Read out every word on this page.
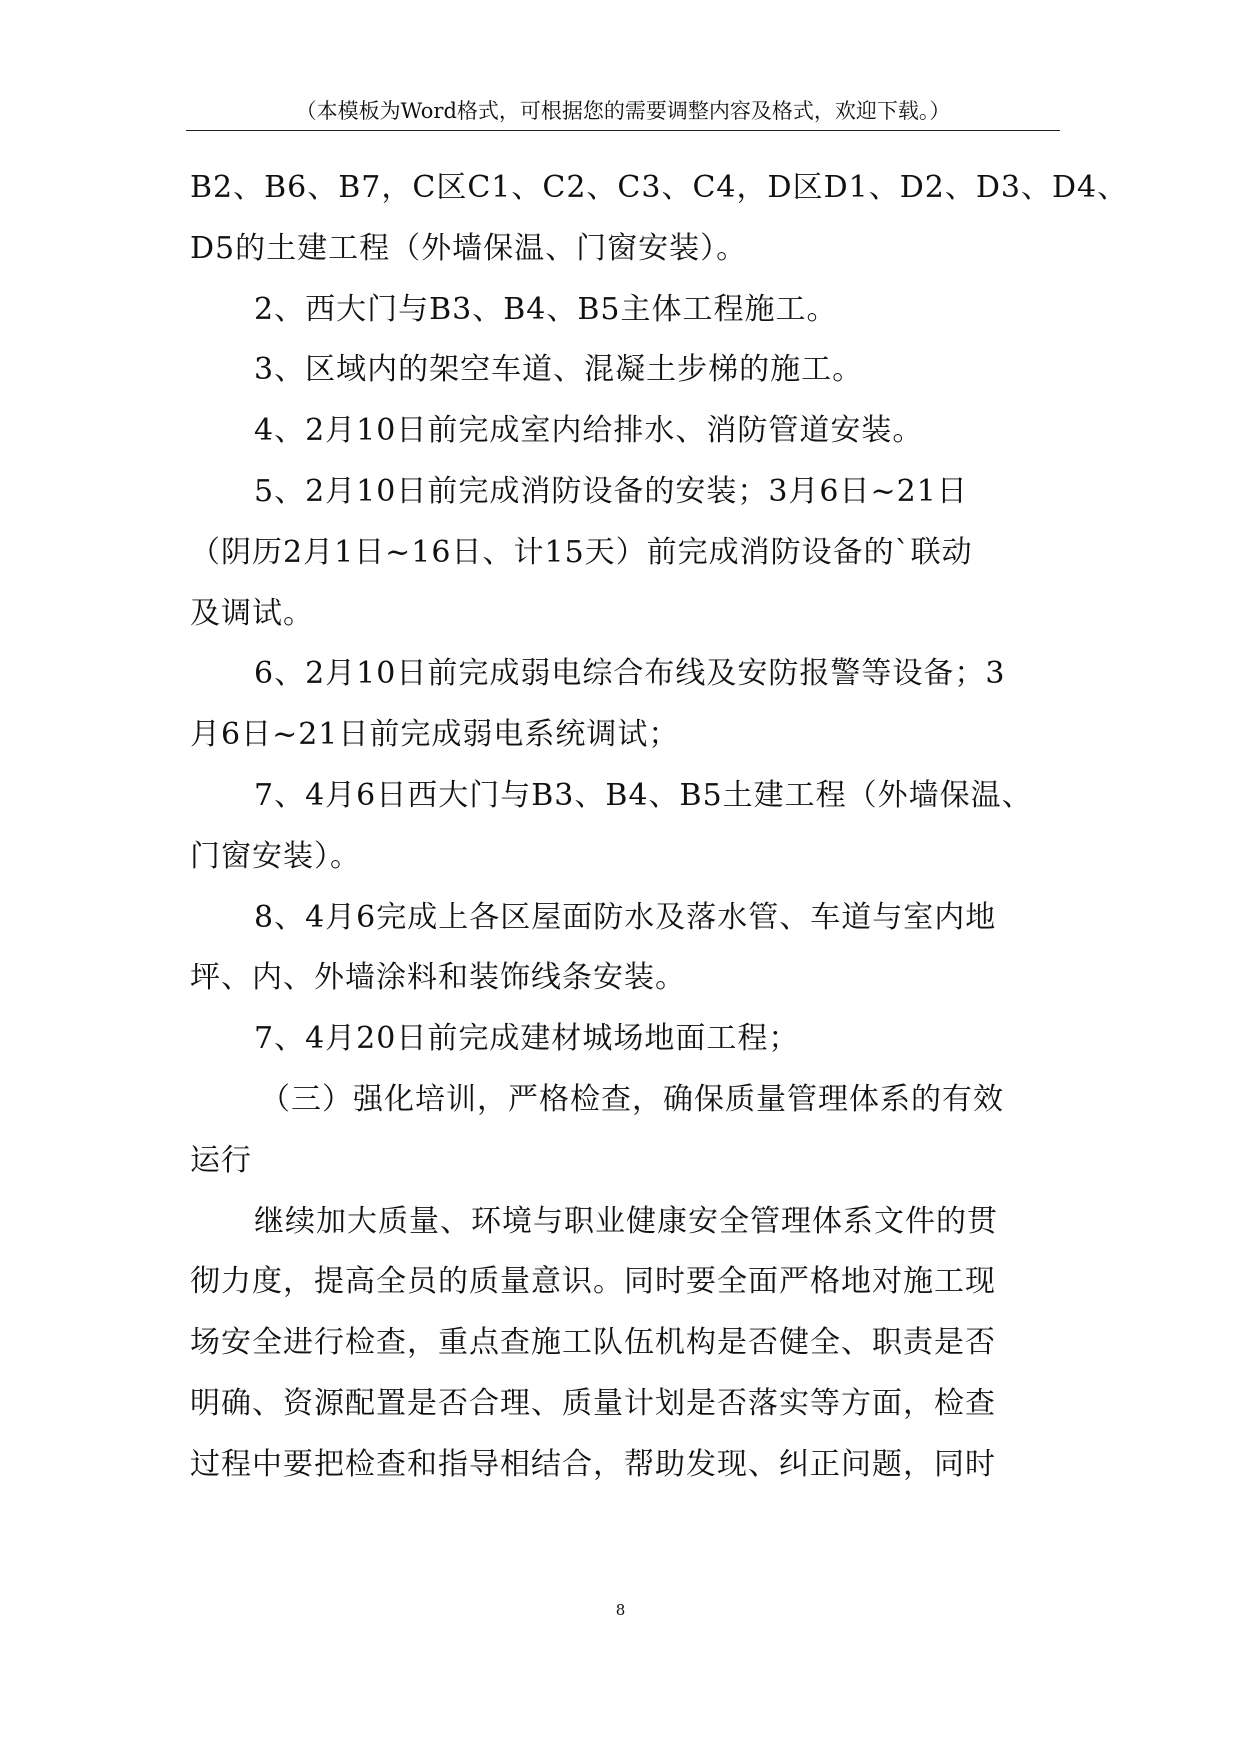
（本模板为Word格式，可根据您的需要调整内容及格式，欢迎下载。）
B2、B6、B7，C区C1、C2、C3、C4，D区D1、D2、D3、D4、
D5的土建工程（外墙保温、门窗安装）。
2、西大门与B3、B4、B5主体工程施工。
3、区域内的架空车道、混凝土步梯的施工。
4、2月10日前完成室内给排水、消防管道安装。
5、2月10日前完成消防设备的安装；3月6日~21日
（阴历2月1日~16日、计15天）前完成消防设备的`联动
及调试。
6、2月10日前完成弱电综合布线及安防报警等设备；3
月6日~21日前完成弱电系统调试；
7、4月6日西大门与B3、B4、B5土建工程（外墙保温、
门窗安装）。
8、4月6完成上各区屋面防水及落水管、车道与室内地
坪、内、外墙涂料和装饰线条安装。
7、4月20日前完成建材城场地面工程；
（三）强化培训，严格检查，确保质量管理体系的有效
运行
继续加大质量、环境与职业健康安全管理体系文件的贯
彻力度，提高全员的质量意识。同时要全面严格地对施工现
场安全进行检查，重点查施工队伍机构是否健全、职责是否
明确、资源配置是否合理、质量计划是否落实等方面，检查
过程中要把检查和指导相结合，帮助发现、纠正问题，同时
8
